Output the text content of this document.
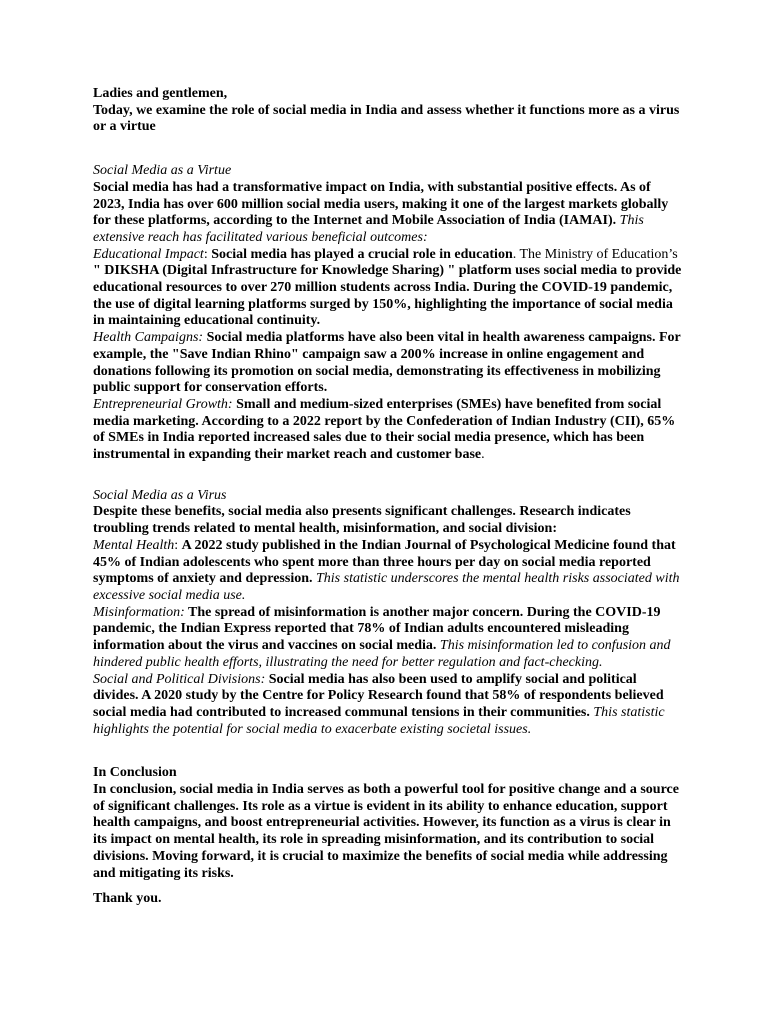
Ladies and gentlemen,

Today, we examine the role of social media in India and assess whether it functions more as a virus or a virtue

Social Media as a Virtue

Social media has had a transformative impact on India, with substantial positive effects. As of 2023, India has over 600 million social media users, making it one of the largest markets globally for these platforms, according to the Internet and Mobile Association of India (IAMAI). This extensive reach has facilitated various beneficial outcomes:

Educational Impact: Social media has played a crucial role in education. The Ministry of Education’s " DIKSHA (Digital Infrastructure for Knowledge Sharing) " platform uses social media to provide educational resources to over 270 million students across India. During the COVID-19 pandemic, the use of digital learning platforms surged by 150%, highlighting the importance of social media in maintaining educational continuity.

Health Campaigns: Social media platforms have also been vital in health awareness campaigns. For example, the "Save Indian Rhino" campaign saw a 200% increase in online engagement and donations following its promotion on social media, demonstrating its effectiveness in mobilizing public support for conservation efforts.

Entrepreneurial Growth: Small and medium-sized enterprises (SMEs) have benefited from social media marketing. According to a 2022 report by the Confederation of Indian Industry (CII), 65% of SMEs in India reported increased sales due to their social media presence, which has been instrumental in expanding their market reach and customer base.

Social Media as a Virus

Despite these benefits, social media also presents significant challenges. Research indicates troubling trends related to mental health, misinformation, and social division:

Mental Health: A 2022 study published in the Indian Journal of Psychological Medicine found that 45% of Indian adolescents who spent more than three hours per day on social media reported symptoms of anxiety and depression. This statistic underscores the mental health risks associated with excessive social media use.

Misinformation: The spread of misinformation is another major concern. During the COVID-19 pandemic, the Indian Express reported that 78% of Indian adults encountered misleading information about the virus and vaccines on social media. This misinformation led to confusion and hindered public health efforts, illustrating the need for better regulation and fact-checking.

Social and Political Divisions: Social media has also been used to amplify social and political divides. A 2020 study by the Centre for Policy Research found that 58% of respondents believed social media had contributed to increased communal tensions in their communities. This statistic highlights the potential for social media to exacerbate existing societal issues.

In Conclusion

In conclusion, social media in India serves as both a powerful tool for positive change and a source of significant challenges. Its role as a virtue is evident in its ability to enhance education, support health campaigns, and boost entrepreneurial activities. However, its function as a virus is clear in its impact on mental health, its role in spreading misinformation, and its contribution to social divisions. Moving forward, it is crucial to maximize the benefits of social media while addressing and mitigating its risks.

Thank you.
